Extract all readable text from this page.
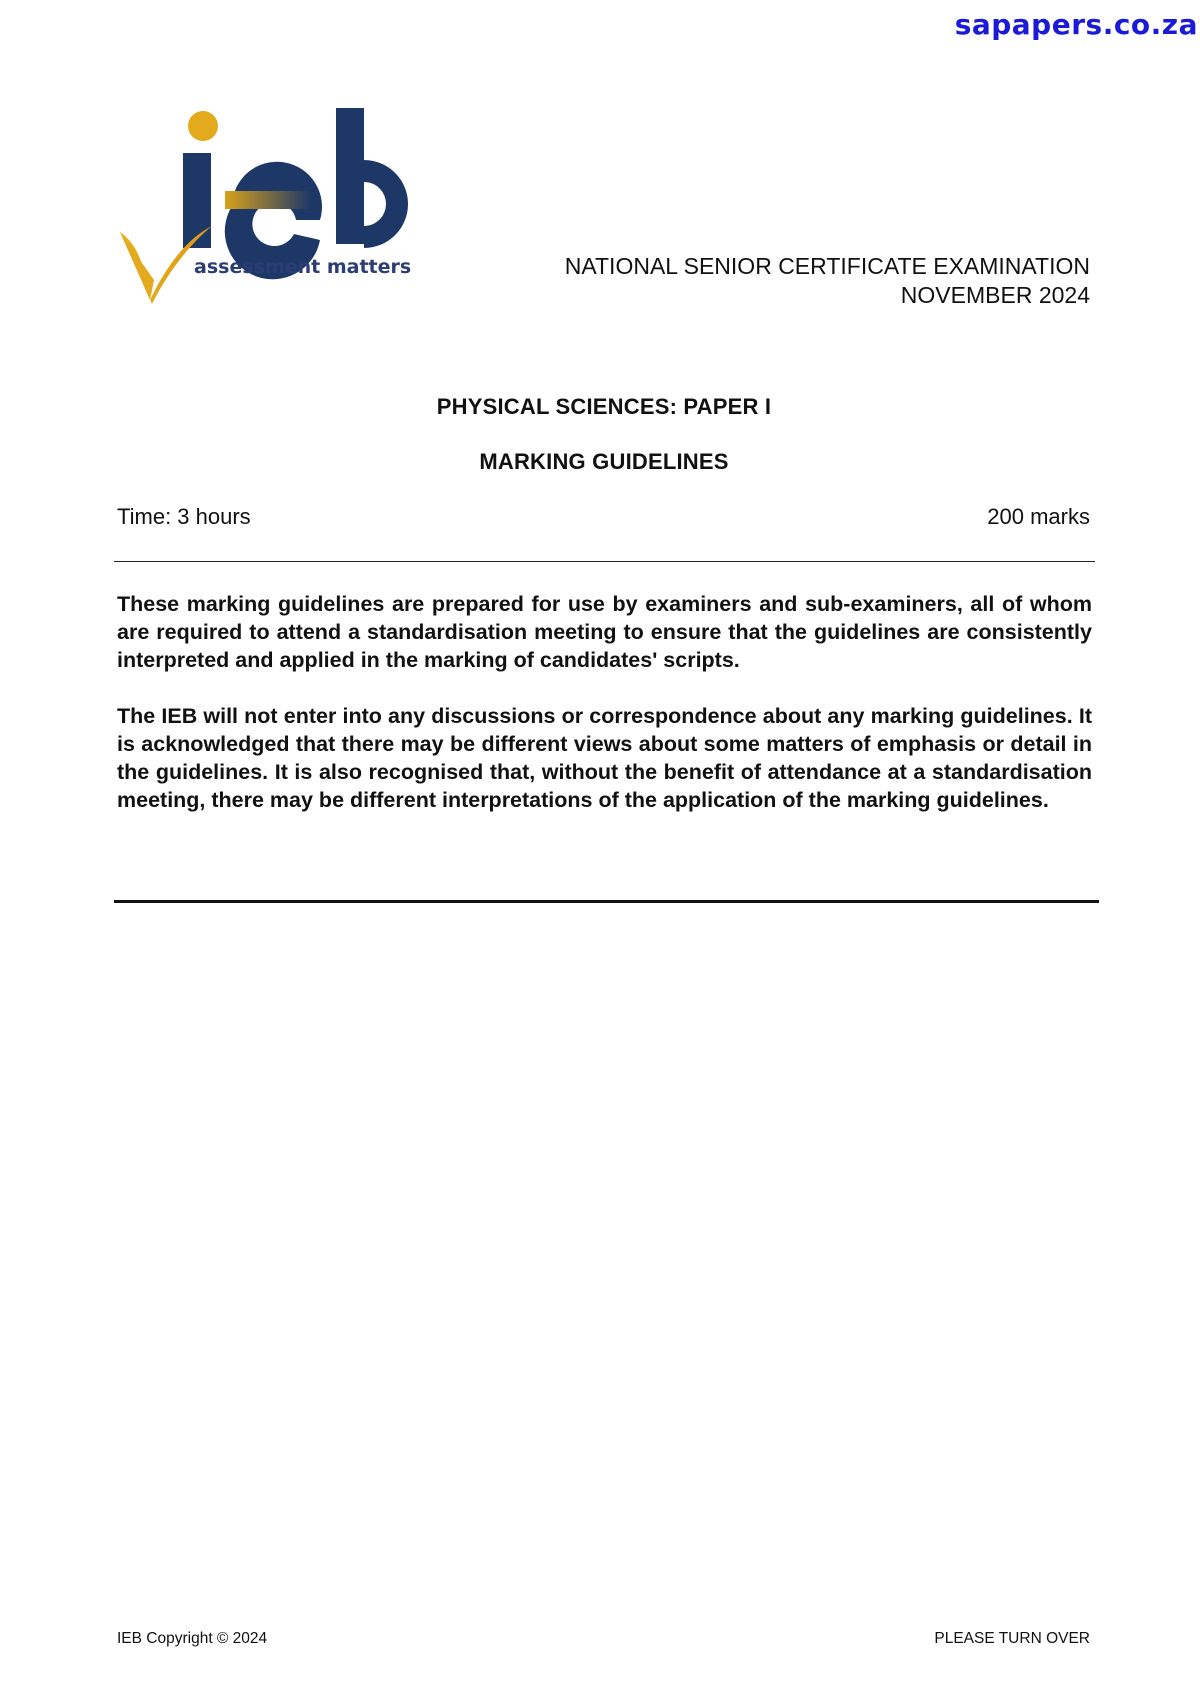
sapapers.co.za
assessment matters	NATIONAL SENIOR CERTIFICATE EXAMINATION
NOVEMBER 2024
PHYSICAL SCIENCES: PAPER I
MARKING GUIDELINES
Time: 3 hours	200 marks

These marking guidelines are prepared for use by examiners and sub-examiners, all of whom are required to attend a standardisation meeting to ensure that the guidelines are consistently interpreted and applied in the marking of candidates' scripts.

The IEB will not enter into any discussions or correspondence about any marking guidelines. It is acknowledged that there may be different views about some matters of emphasis or detail in the guidelines. It is also recognised that, without the benefit of attendance at a standardisation meeting, there may be different interpretations of the application of the marking guidelines.

IEB Copyright © 2024	PLEASE TURN OVER
